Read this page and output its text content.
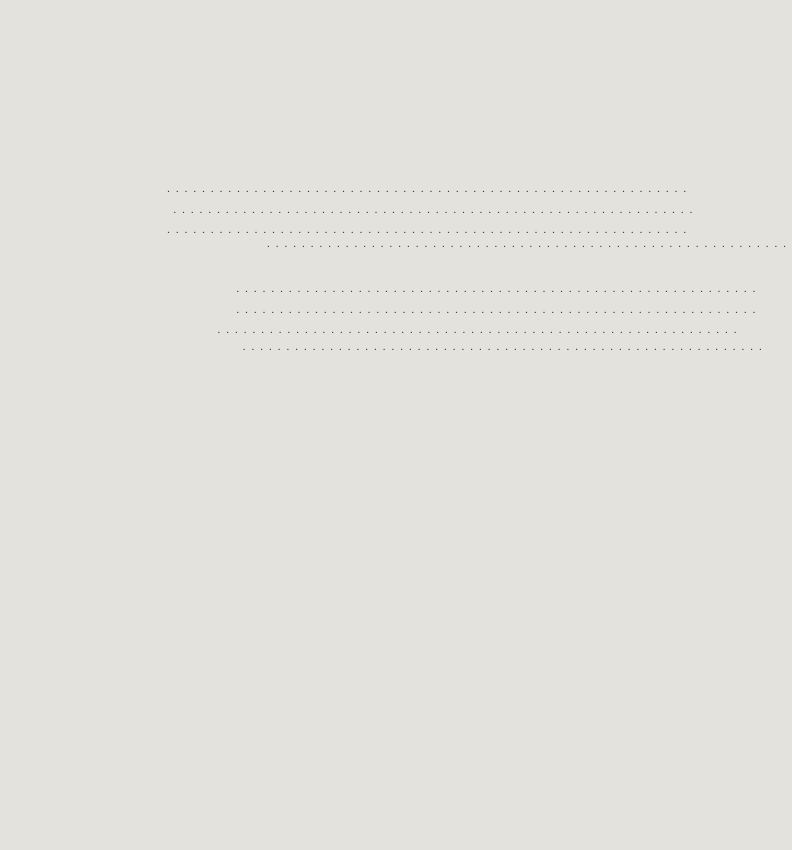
............................................................
............................................................
............................................................
............................................................
............................................................
............................................................
............................................................
............................................................
